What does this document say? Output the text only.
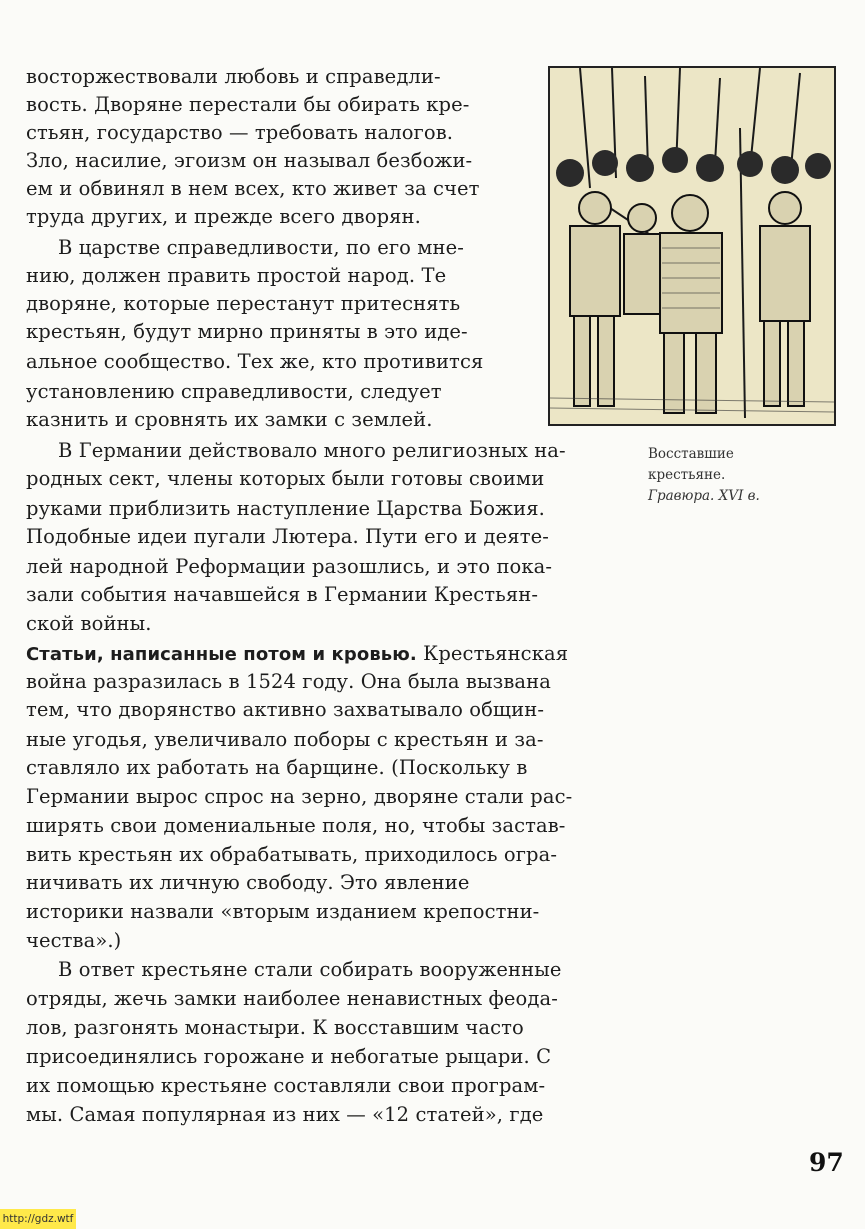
восторжествовали любовь и справедли-
вость. Дворяне перестали бы обирать кре-
стьян, государство — требовать налогов.
Зло, насилие, эгоизм он называл безбожи-
ем и обвинял в нем всех, кто живет за счет
труда других, и прежде всего дворян.
В царстве справедливости, по его мне-
нию, должен править простой народ. Те
дворяне, которые перестанут притеснять
крестьян, будут мирно приняты в это иде-
альное сообщество. Тех же, кто противится
установлению справедливости, следует
казнить и сровнять их замки с землей.
В Германии действовало много религиозных на-
родных сект, члены которых были готовы своими
руками приблизить наступление Царства Божия.
Подобные идеи пугали Лютера. Пути его и деяте-
лей народной Реформации разошлись, и это пока-
зали события начавшейся в Германии Крестьян-
ской войны.
Статьи, написанные потом и кровью. Крестьянская
война разразилась в 1524 году. Она была вызвана
тем, что дворянство активно захватывало общин-
ные угодья, увеличивало поборы с крестьян и за-
ставляло их работать на барщине. (Поскольку в
Германии вырос спрос на зерно, дворяне стали рас-
ширять свои домениальные поля, но, чтобы застав-
вить крестьян их обрабатывать, приходилось огра-
ничивать их личную свободу. Это явление
историки назвали «вторым изданием крепостни-
чества».)
В ответ крестьяне стали собирать вооруженные
отряды, жечь замки наиболее ненавистных феода-
лов, разгонять монастыри. К восставшим часто
присоединялись горожане и небогатые рыцари. С
их помощью крестьяне составляли свои програм-
мы. Самая популярная из них — «12 статей», где
Восставшие
крестьяне.
Гравюра. XVI в.
97
http://gdz.wtf
